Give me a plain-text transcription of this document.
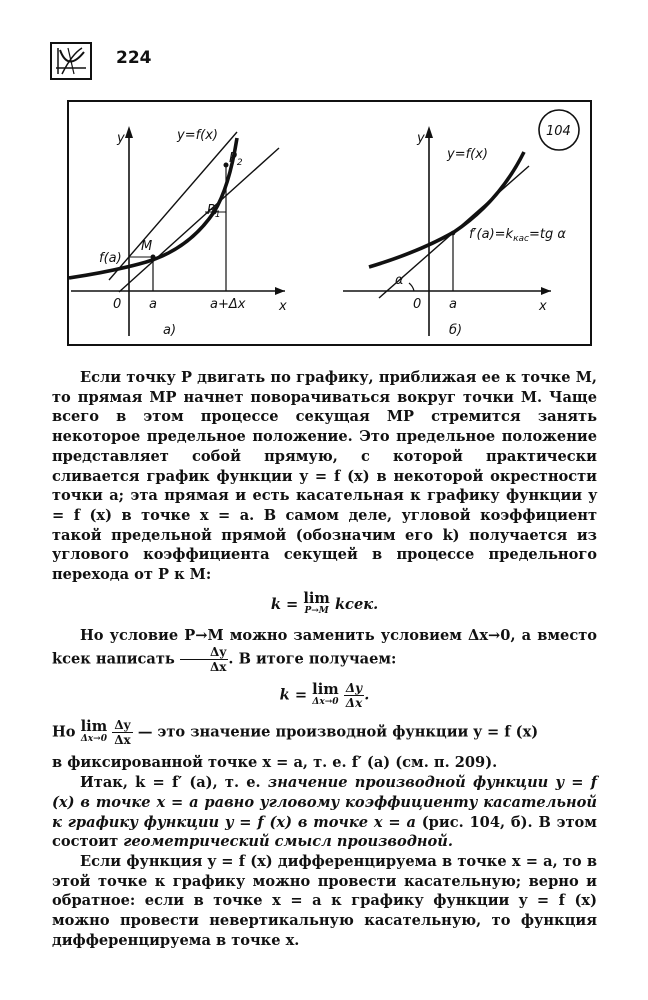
224
y
x
y=f(x)
$P_2$
$P_1$
M
f(a)
0 a	a+Δx
а)
y
x
y=f(x)
$f'(a)=k_{кас}=tg$ α
α
0 a
б)
104

Если точку P двигать по графику, приближая ее к точке M, то прямая MP начнет поворачиваться вокруг точки M. Чаще всего в этом процессе секущая MP стремится занять некоторое предельное положение. Это предельное положение представляет собой прямую, с которой практически сливается график функции y = f (x) в некоторой окрестности точки a; эта прямая и есть касательная к графику функции y = f (x) в точке x = a. В самом деле, угловой коэффициент такой предельной прямой (обозначим его k) получается из углового коэффициента секущей в процессе предельного перехода от P к M:

k = lim
P→M kсек.

Но условие P→M можно заменить условием Δx→0, а вместо kсек написать $\frac{\Delta y}{\Delta x}$ . В итоге получаем:

k = lim
Δx→0
$\frac{\Delta y}{\Delta x}$ .

Но lim
Δx→0
$\frac{\Delta y}{\Delta x}$ — это значение производной функции y = f (x)

в фиксированной точке x = a, т. е. f′ (a) (см. п. 209).

Итак, k = f′ (a), т. е. значение производной функции y = f (x) в точке x = a равно угловому коэффициенту касательной к графику функции y = f (x) в точке x = a (рис. 104, б). В этом состоит геометрический смысл производной.

Если функция y = f (x) дифференцируема в точке x = a, то в этой точке к графику можно провести касательную; верно и обратное: если в точке x = a к графику функции y = f (x) можно провести невертикальную касательную, то функция дифференцируема в точке x.
